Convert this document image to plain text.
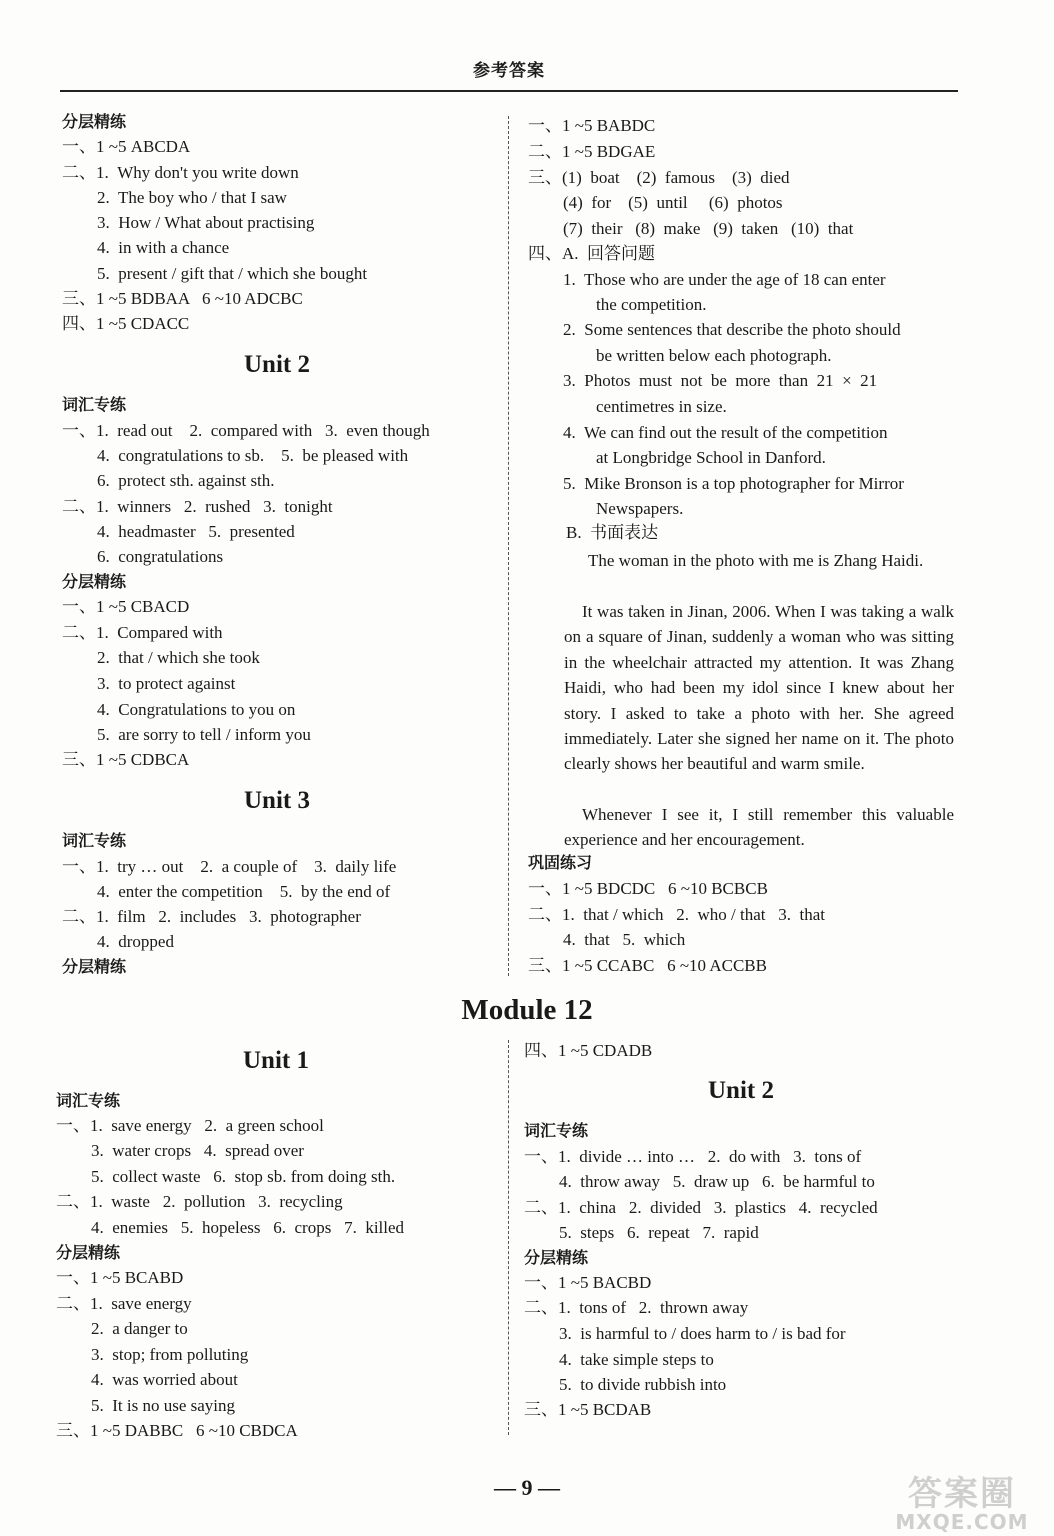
参考答案
分层精练
一、1 ~5 ABCDA
二、1.  Why don't you write down
2.  The boy who / that I saw
3.  How / What about practising
4.  in with a chance
5.  present / gift that / which she bought
三、1 ~5 BDBAA   6 ~10 ADCBC
四、1 ~5 CDACC
Unit 2
词汇专练
一、1.  read out    2.  compared with   3.  even though
4.  congratulations to sb.    5.  be pleased with
6.  protect sth. against sth.
二、1.  winners   2.  rushed   3.  tonight
4.  headmaster   5.  presented
6.  congratulations
分层精练
一、1 ~5 CBACD
二、1.  Compared with
2.  that / which she took
3.  to protect against
4.  Congratulations to you on
5.  are sorry to tell / inform you
三、1 ~5 CDBCA
Unit 3
词汇专练
一、1.  try … out    2.  a couple of    3.  daily life
4.  enter the competition    5.  by the end of
二、1.  film   2.  includes   3.  photographer
4.  dropped
分层精练
一、1 ~5 BABDC
二、1 ~5 BDGAE
三、(1)  boat    (2)  famous    (3)  died
(4)  for    (5)  until     (6)  photos
(7)  their   (8)  make   (9)  taken   (10)  that
四、A.  回答问题
1.  Those who are under the age of 18 can enter
the competition.
2.  Some sentences that describe the photo should
be written below each photograph.
3.  Photos  must  not  be  more  than  21  ×  21
centimetres in size.
4.  We can find out the result of the competition
at Longbridge School in Danford.
5.  Mike Bronson is a top photographer for Mirror
Newspapers.
B.  书面表达
The woman in the photo with me is Zhang Haidi.
It was taken in Jinan, 2006. When I was taking a walk on a square of Jinan, suddenly a woman who was sitting in the wheelchair attracted my attention. It was Zhang Haidi, who had been my idol since I knew about her story. I asked to take a photo with her. She agreed immediately. Later she signed her name on it. The photo clearly shows her beautiful and warm smile.
Whenever I see it, I still remember this valuable experience and her encouragement.
巩固练习
一、1 ~5 BDCDC   6 ~10 BCBCB
二、1.  that / which   2.  who / that   3.  that
4.  that   5.  which
三、1 ~5 CCABC   6 ~10 ACCBB
Module 12
Unit 1
词汇专练
一、1.  save energy   2.  a green school
3.  water crops   4.  spread over
5.  collect waste   6.  stop sb. from doing sth.
二、1.  waste   2.  pollution   3.  recycling
4.  enemies   5.  hopeless   6.  crops   7.  killed
分层精练
一、1 ~5 BCABD
二、1.  save energy
2.  a danger to
3.  stop; from polluting
4.  was worried about
5.  It is no use saying
三、1 ~5 DABBC   6 ~10 CBDCA
四、1 ~5 CDADB
Unit 2
词汇专练
一、1.  divide … into …   2.  do with   3.  tons of
4.  throw away   5.  draw up   6.  be harmful to
二、1.  china   2.  divided   3.  plastics   4.  recycled
5.  steps   6.  repeat   7.  rapid
分层精练
一、1 ~5 BACBD
二、1.  tons of   2.  thrown away
3.  is harmful to / does harm to / is bad for
4.  take simple steps to
5.  to divide rubbish into
三、1 ~5 BCDAB
— 9 —	答案圈
MXQE.COM
